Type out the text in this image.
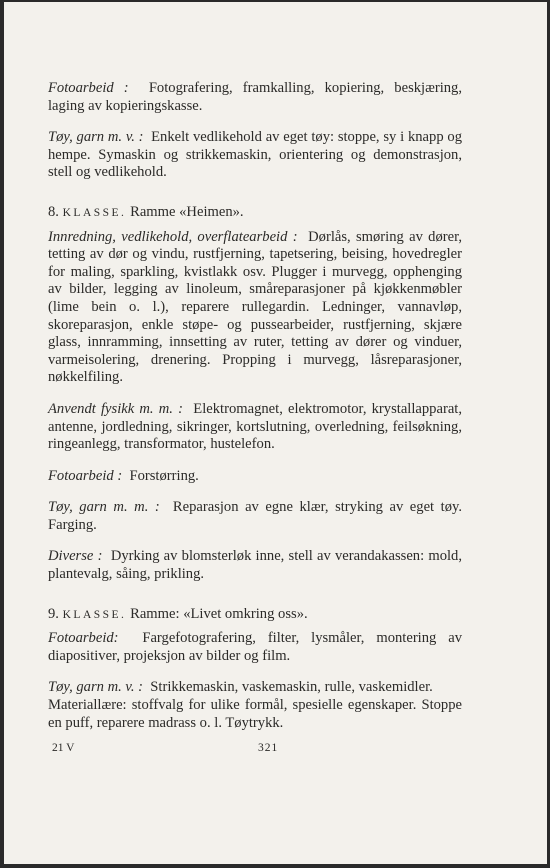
Fotoarbeid : Fotografering, framkalling, kopiering, beskjæring, laging av kopieringskasse.

Tøy, garn m. v. : Enkelt vedlikehold av eget tøy: stoppe, sy i knapp og hempe. Symaskin og strikkemaskin, orientering og demonstrasjon, stell og vedlikehold.

8. KLASSE. Ramme «Heimen».

Innredning, vedlikehold, overflatearbeid : Dørlås, smøring av dører, tetting av dør og vindu, rustfjerning, tapetsering, beising, hovedregler for maling, sparkling, kvistlakk osv. Plugger i murvegg, opphenging av bilder, legging av linoleum, småreparasjoner på kjøkkenmøbler (lime bein o. l.), reparere rullegardin. Ledninger, vannavløp, skoreparasjon, enkle støpe- og pussearbeider, rustfjerning, skjære glass, innramming, innsetting av ruter, tetting av dører og vinduer, varmeisolering, drenering. Propping i murvegg, låsreparasjoner, nøkkelfiling.

Anvendt fysikk m. m. : Elektromagnet, elektromotor, krystallapparat, antenne, jordledning, sikringer, kortslutning, overledning, feilsøkning, ringeanlegg, transformator, hustelefon.

Fotoarbeid : Forstørring.

Tøy, garn m. m. : Reparasjon av egne klær, stryking av eget tøy. Farging.

Diverse : Dyrking av blomsterløk inne, stell av verandakassen: mold, plantevalg, såing, prikling.

9. KLASSE. Ramme: «Livet omkring oss».

Fotoarbeid: Fargefotografering, filter, lysmåler, montering av diapositiver, projeksjon av bilder og film.

Tøy, garn m. v. : Strikkemaskin, vaskemaskin, rulle, vaskemidler.
Materiallære: stoffvalg for ulike formål, spesielle egenskaper. Stoppe en puff, reparere madrass o. l. Tøytrykk.

21 V	321
